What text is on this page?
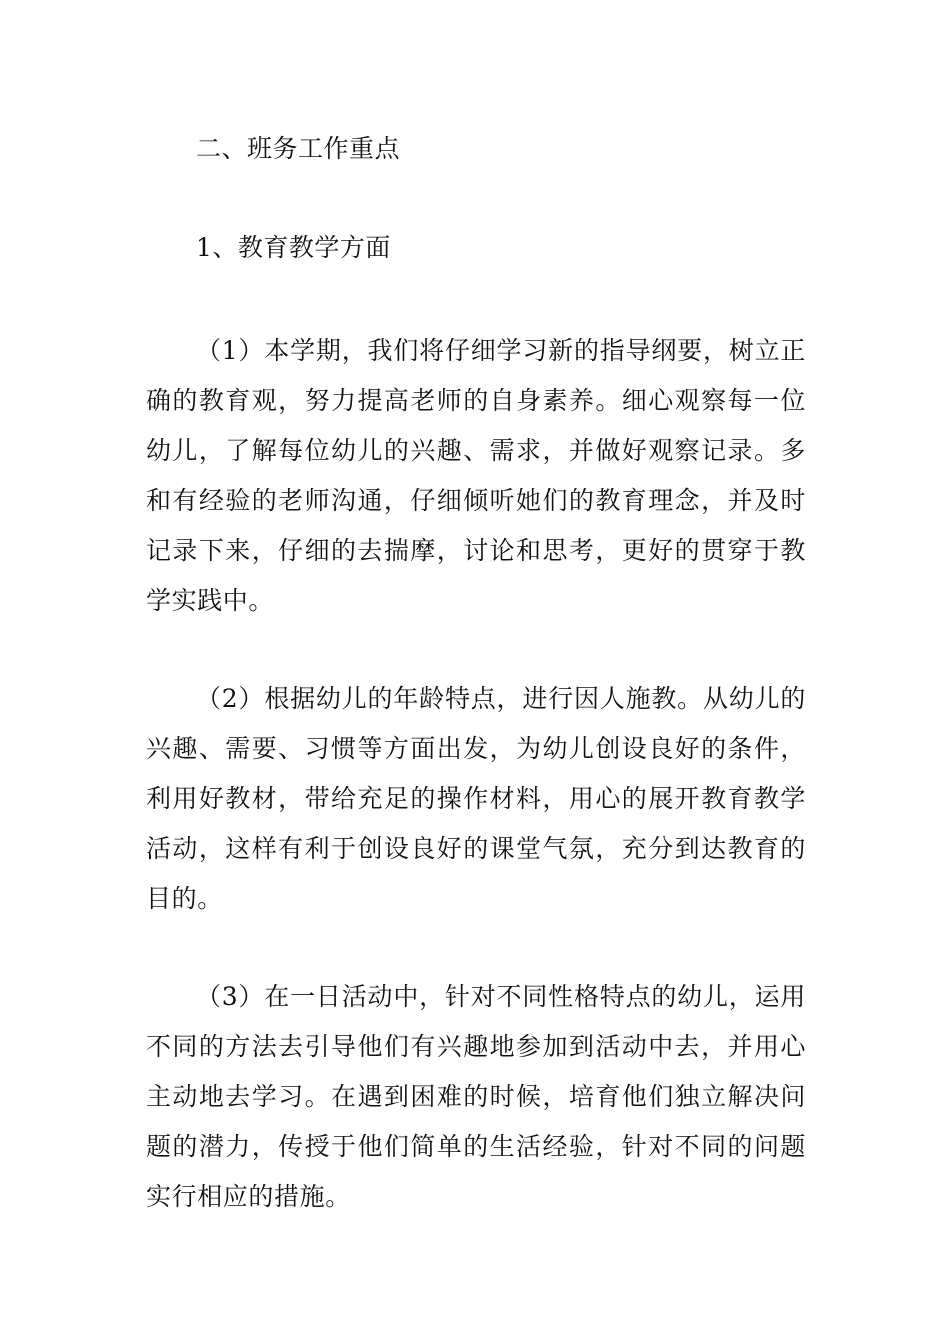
二、班务工作重点
1、教育教学方面

（1）本学期，我们将仔细学习新的指导纲要，树立正确的教育观，努力提高老师的自身素养。细心观察每一位幼儿，了解每位幼儿的兴趣、需求，并做好观察记录。多和有经验的老师沟通，仔细倾听她们的教育理念，并及时记录下来，仔细的去揣摩，讨论和思考，更好的贯穿于教学实践中。

（2）根据幼儿的年龄特点，进行因人施教。从幼儿的兴趣、需要、习惯等方面出发，为幼儿创设良好的条件，利用好教材，带给充足的操作材料，用心的展开教育教学活动，这样有利于创设良好的课堂气氛，充分到达教育的目的。

（3）在一日活动中，针对不同性格特点的幼儿，运用不同的方法去引导他们有兴趣地参加到活动中去，并用心主动地去学习。在遇到困难的时候，培育他们独立解决问题的潜力，传授于他们简单的生活经验，针对不同的问题实行相应的措施。
